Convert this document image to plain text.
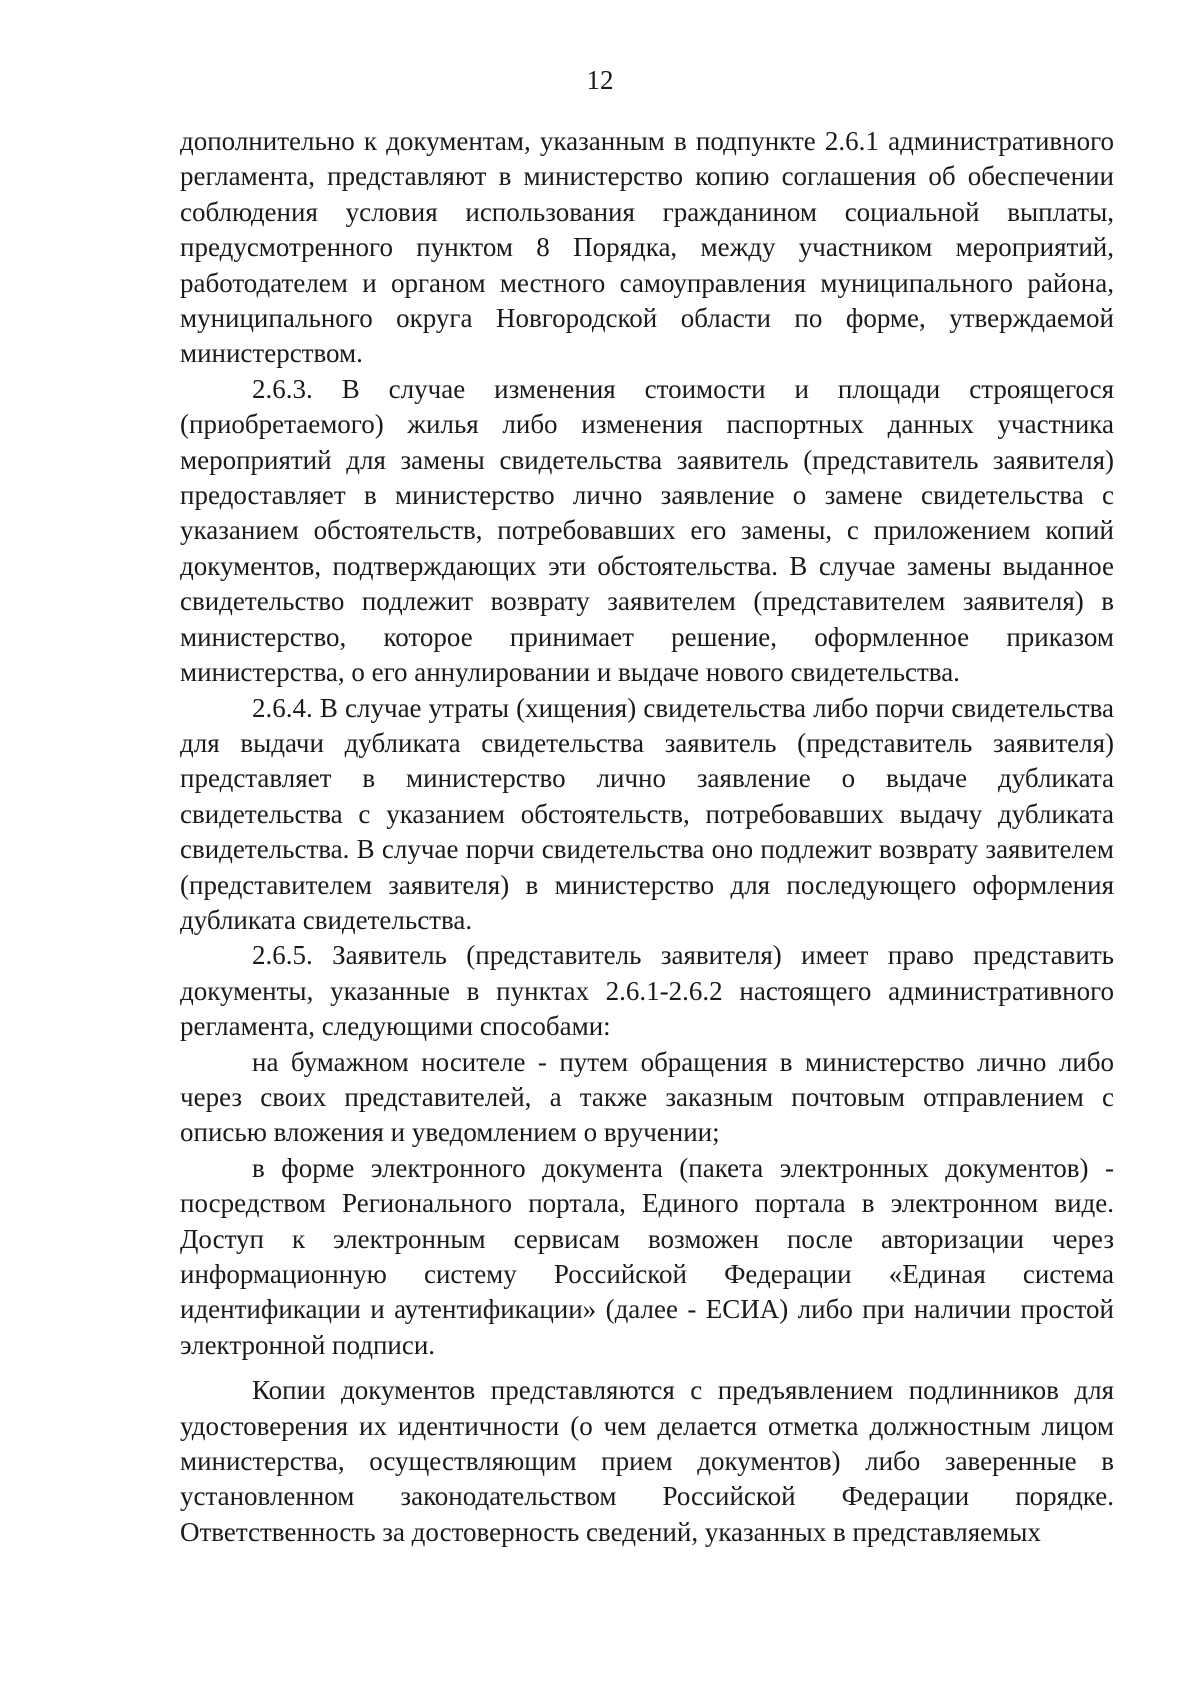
12

дополнительно к документам, указанным в подпункте 2.6.1 административного регламента, представляют в министерство копию соглашения об обеспечении соблюдения условия использования гражданином социальной выплаты, предусмотренного пунктом 8 Порядка, между участником мероприятий, работодателем и органом местного самоуправления муниципального района, муниципального округа Новгородской области по форме, утверждаемой министерством.

2.6.3. В случае изменения стоимости и площади строящегося (приобретаемого) жилья либо изменения паспортных данных участника мероприятий для замены свидетельства заявитель (представитель заявителя) предоставляет в министерство лично заявление о замене свидетельства с указанием обстоятельств, потребовавших его замены, с приложением копий документов, подтверждающих эти обстоятельства. В случае замены выданное свидетельство подлежит возврату заявителем (представителем заявителя) в министерство, которое принимает решение, оформленное приказом министерства, о его аннулировании и выдаче нового свидетельства.

2.6.4. В случае утраты (хищения) свидетельства либо порчи свидетельства для выдачи дубликата свидетельства заявитель (представитель заявителя) представляет в министерство лично заявление о выдаче дубликата свидетельства с указанием обстоятельств, потребовавших выдачу дубликата свидетельства. В случае порчи свидетельства оно подлежит возврату заявителем (представителем заявителя) в министерство для последующего оформления дубликата свидетельства.

2.6.5. Заявитель (представитель заявителя) имеет право представить документы, указанные в пунктах 2.6.1-2.6.2 настоящего административного регламента, следующими способами:

на бумажном носителе - путем обращения в министерство лично либо через своих представителей, а также заказным почтовым отправлением с описью вложения и уведомлением о вручении;

в форме электронного документа (пакета электронных документов) - посредством Регионального портала, Единого портала в электронном виде. Доступ к электронным сервисам возможен после авторизации через информационную систему Российской Федерации «Единая система идентификации и аутентификации» (далее - ЕСИА) либо при наличии простой электронной подписи.

Копии документов представляются с предъявлением подлинников для удостоверения их идентичности (о чем делается отметка должностным лицом министерства, осуществляющим прием документов) либо заверенные в установленном законодательством Российской Федерации порядке. Ответственность за достоверность сведений, указанных в представляемых
